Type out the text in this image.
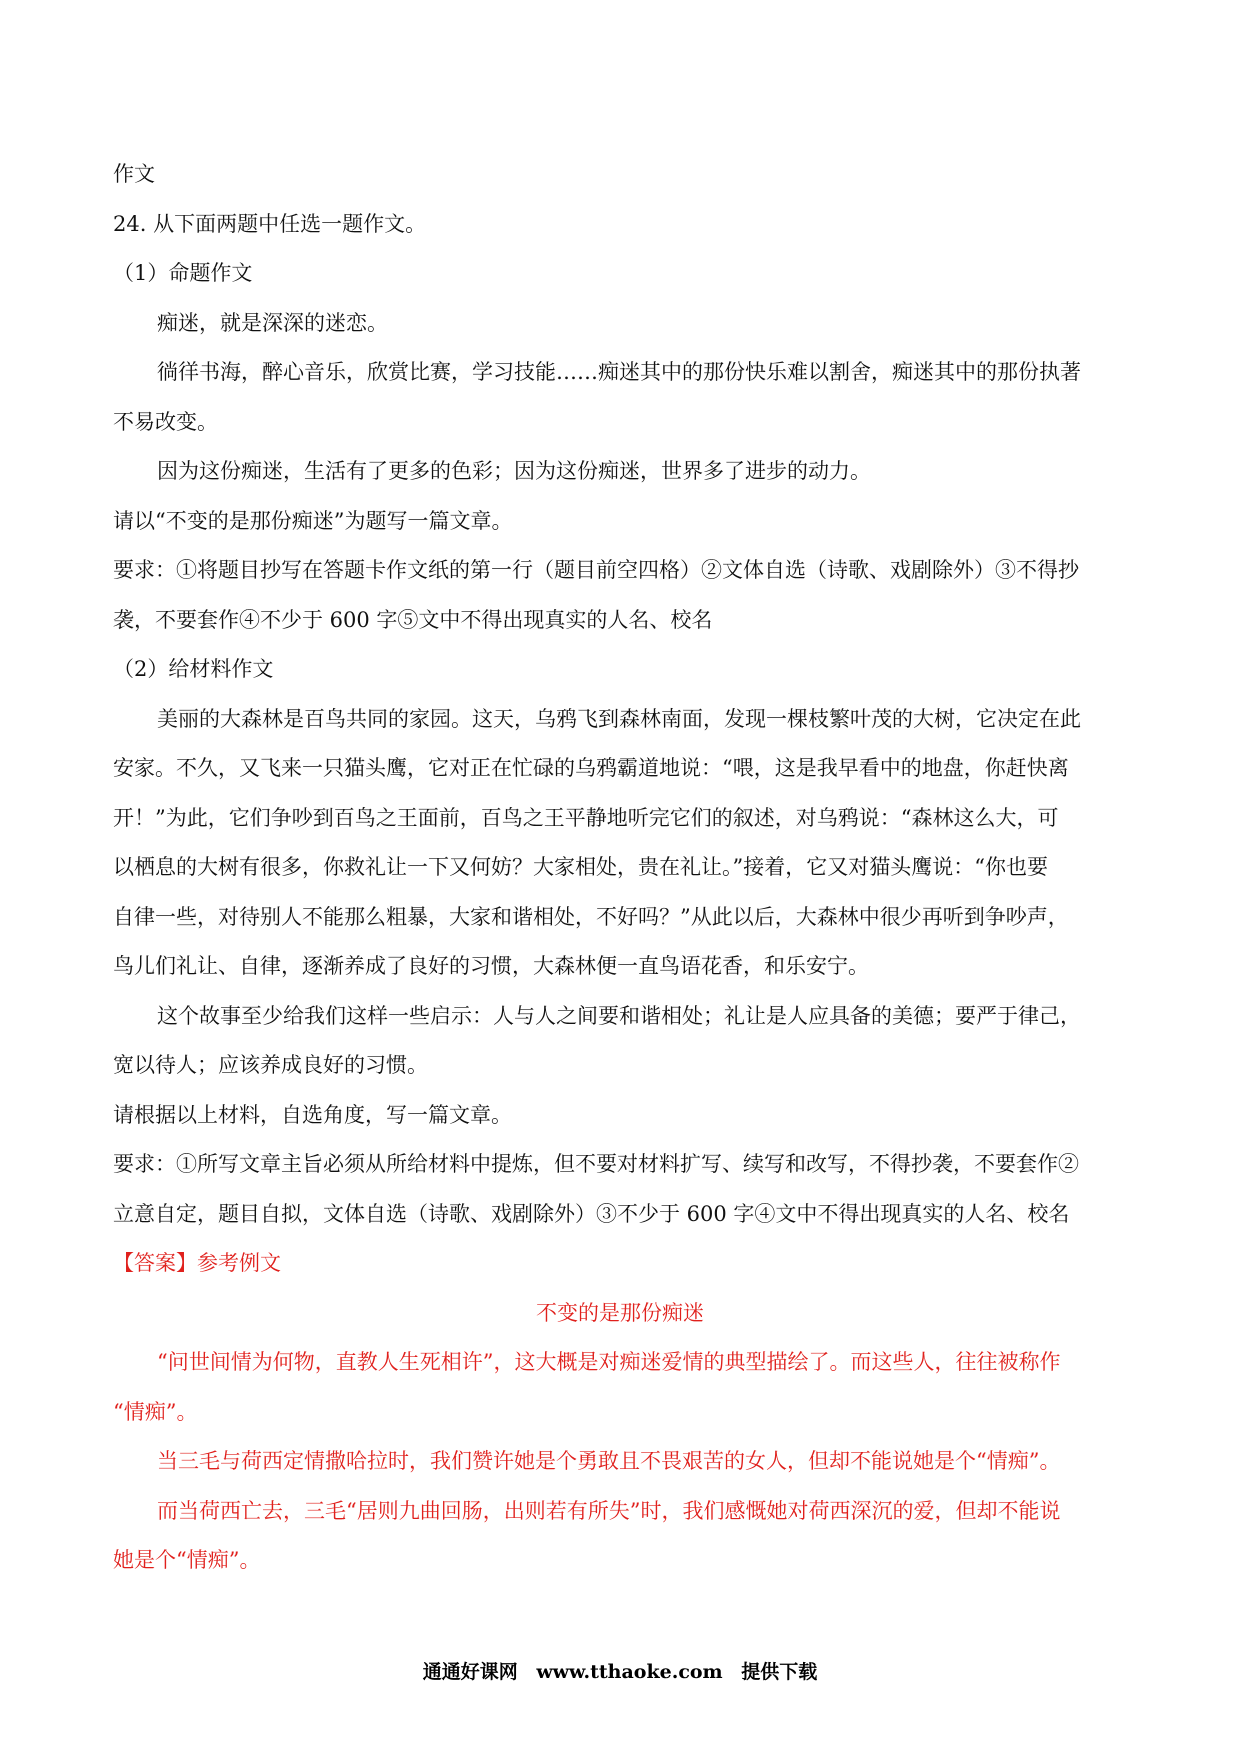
作文

24. 从下面两题中任选一题作文。

（1）命题作文

痴迷，就是深深的迷恋。

徜徉书海，醉心音乐，欣赏比赛，学习技能……痴迷其中的那份快乐难以割舍，痴迷其中的那份执著

不易改变。

因为这份痴迷，生活有了更多的色彩；因为这份痴迷，世界多了进步的动力。

请以“不变的是那份痴迷”为题写一篇文章。

要求：①将题目抄写在答题卡作文纸的第一行（题目前空四格）②文体自选（诗歌、戏剧除外）③不得抄

袭，不要套作④不少于 600 字⑤文中不得出现真实的人名、校名

（2）给材料作文

美丽的大森林是百鸟共同的家园。这天，乌鸦飞到森林南面，发现一棵枝繁叶茂的大树，它决定在此

安家。不久，又飞来一只猫头鹰，它对正在忙碌的乌鸦霸道地说：“喂，这是我早看中的地盘，你赶快离

开！”为此，它们争吵到百鸟之王面前，百鸟之王平静地听完它们的叙述，对乌鸦说：“森林这么大，可

以栖息的大树有很多，你救礼让一下又何妨？大家相处，贵在礼让。”接着，它又对猫头鹰说：“你也要

自律一些，对待别人不能那么粗暴，大家和谐相处，不好吗？”从此以后，大森林中很少再听到争吵声，

鸟儿们礼让、自律，逐渐养成了良好的习惯，大森林便一直鸟语花香，和乐安宁。

这个故事至少给我们这样一些启示：人与人之间要和谐相处；礼让是人应具备的美德；要严于律己，

宽以待人；应该养成良好的习惯。

请根据以上材料，自选角度，写一篇文章。

要求：①所写文章主旨必须从所给材料中提炼，但不要对材料扩写、续写和改写，不得抄袭，不要套作②

立意自定，题目自拟，文体自选（诗歌、戏剧除外）③不少于 600 字④文中不得出现真实的人名、校名

【答案】参考例文

不变的是那份痴迷

“问世间情为何物，直教人生死相许”，这大概是对痴迷爱情的典型描绘了。而这些人，往往被称作

“情痴”。

当三毛与荷西定情撒哈拉时，我们赞许她是个勇敢且不畏艰苦的女人，但却不能说她是个“情痴”。

而当荷西亡去，三毛“居则九曲回肠，出则若有所失”时，我们感慨她对荷西深沉的爱，但却不能说

她是个“情痴”。

通通好课网 www.tthaoke.com 提供下载
